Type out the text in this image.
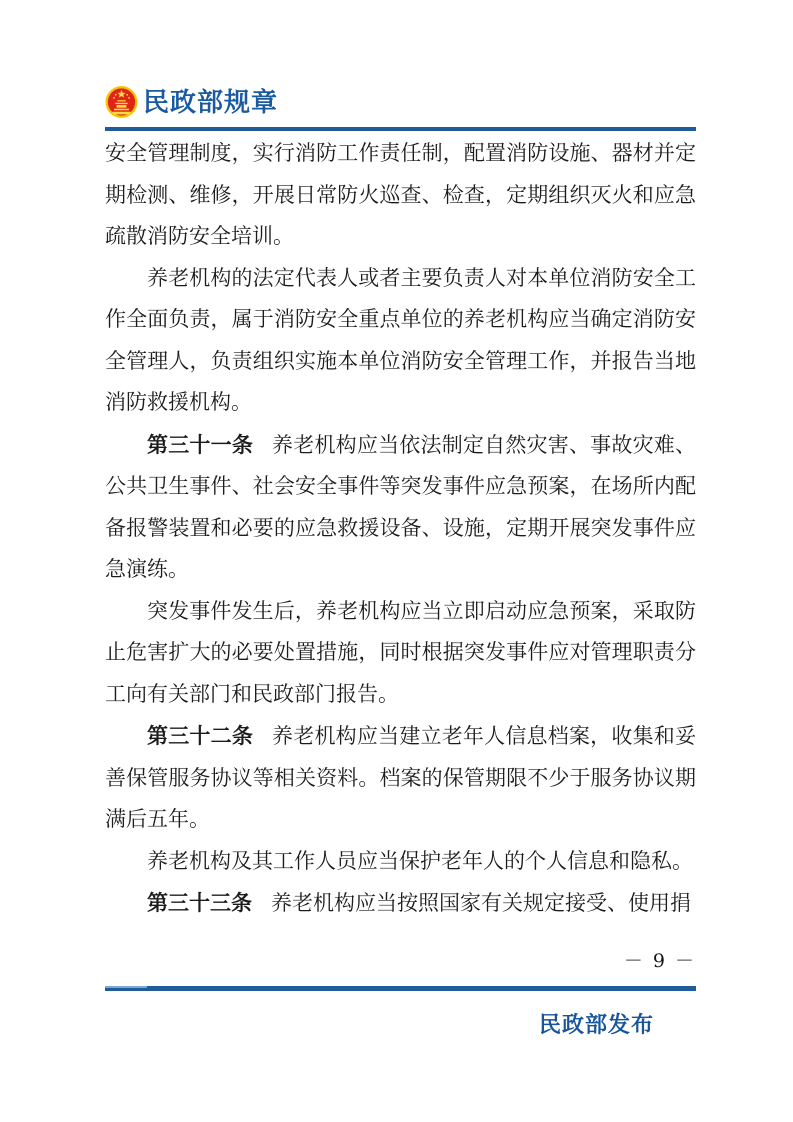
民政部规章

安全管理制度，实行消防工作责任制，配置消防设施、器材并定期检测、维修，开展日常防火巡查、检查，定期组织灭火和应急疏散消防安全培训。

养老机构的法定代表人或者主要负责人对本单位消防安全工作全面负责，属于消防安全重点单位的养老机构应当确定消防安全管理人，负责组织实施本单位消防安全管理工作，并报告当地消防救援机构。

第三十一条 养老机构应当依法制定自然灾害、事故灾难、公共卫生事件、社会安全事件等突发事件应急预案，在场所内配备报警装置和必要的应急救援设备、设施，定期开展突发事件应急演练。

突发事件发生后，养老机构应当立即启动应急预案，采取防止危害扩大的必要处置措施，同时根据突发事件应对管理职责分工向有关部门和民政部门报告。

第三十二条 养老机构应当建立老年人信息档案，收集和妥善保管服务协议等相关资料。档案的保管期限不少于服务协议期满后五年。

养老机构及其工作人员应当保护老年人的个人信息和隐私。

第三十三条 养老机构应当按照国家有关规定接受、使用捐

－ 9 －
民政部发布
